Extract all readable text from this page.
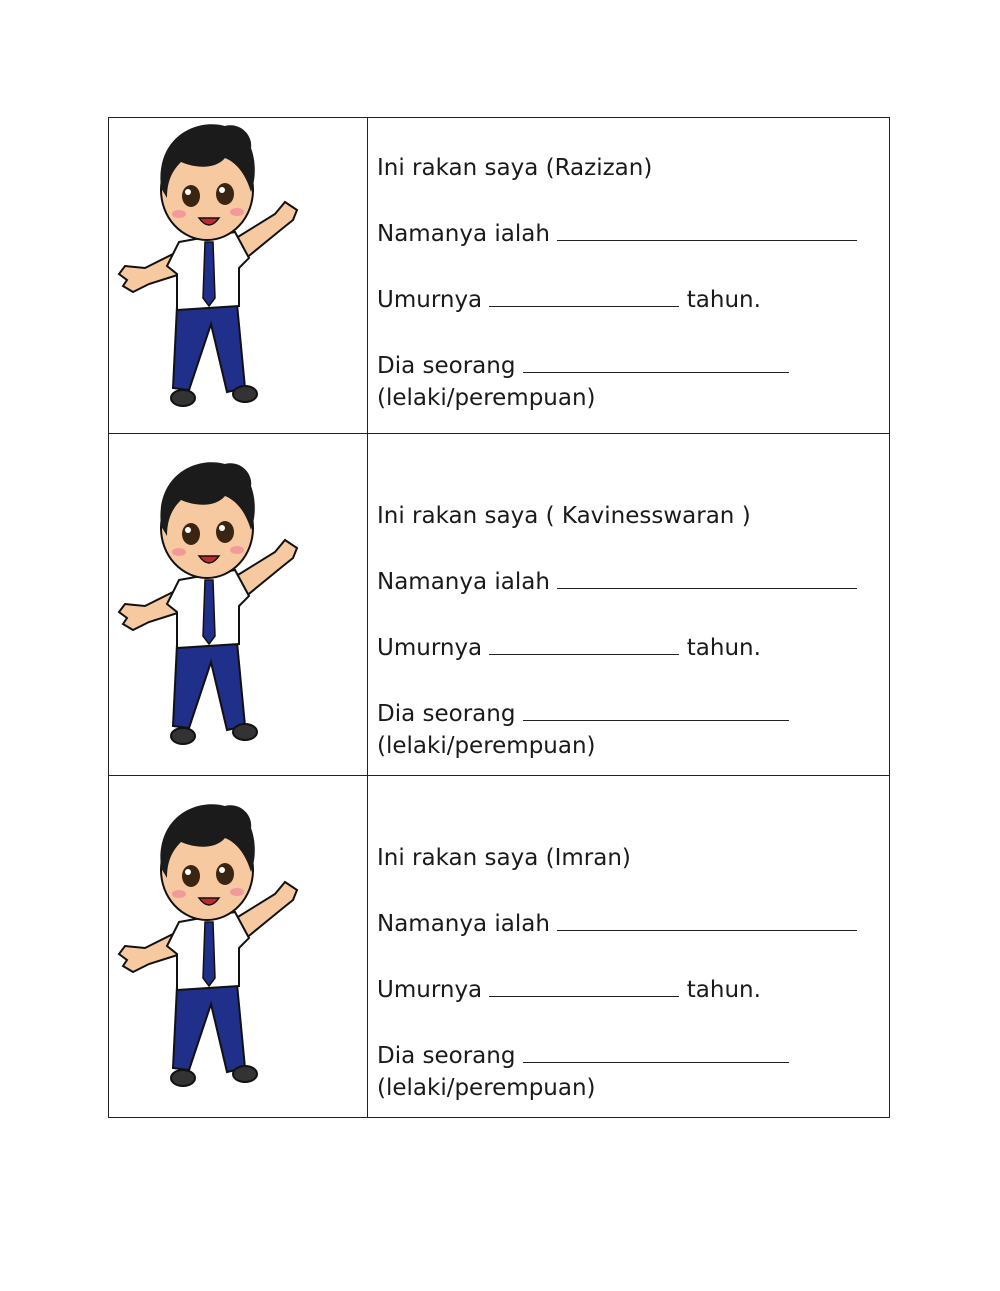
Ini rakan saya (Razizan)
Namanya ialah
Umurnya tahun.
Dia seorang
(lelaki/perempuan)

Ini rakan saya ( Kavinesswaran )
Namanya ialah
Umurnya tahun.
Dia seorang
(lelaki/perempuan)

Ini rakan saya (Imran)
Namanya ialah
Umurnya tahun.
Dia seorang
(lelaki/perempuan)
